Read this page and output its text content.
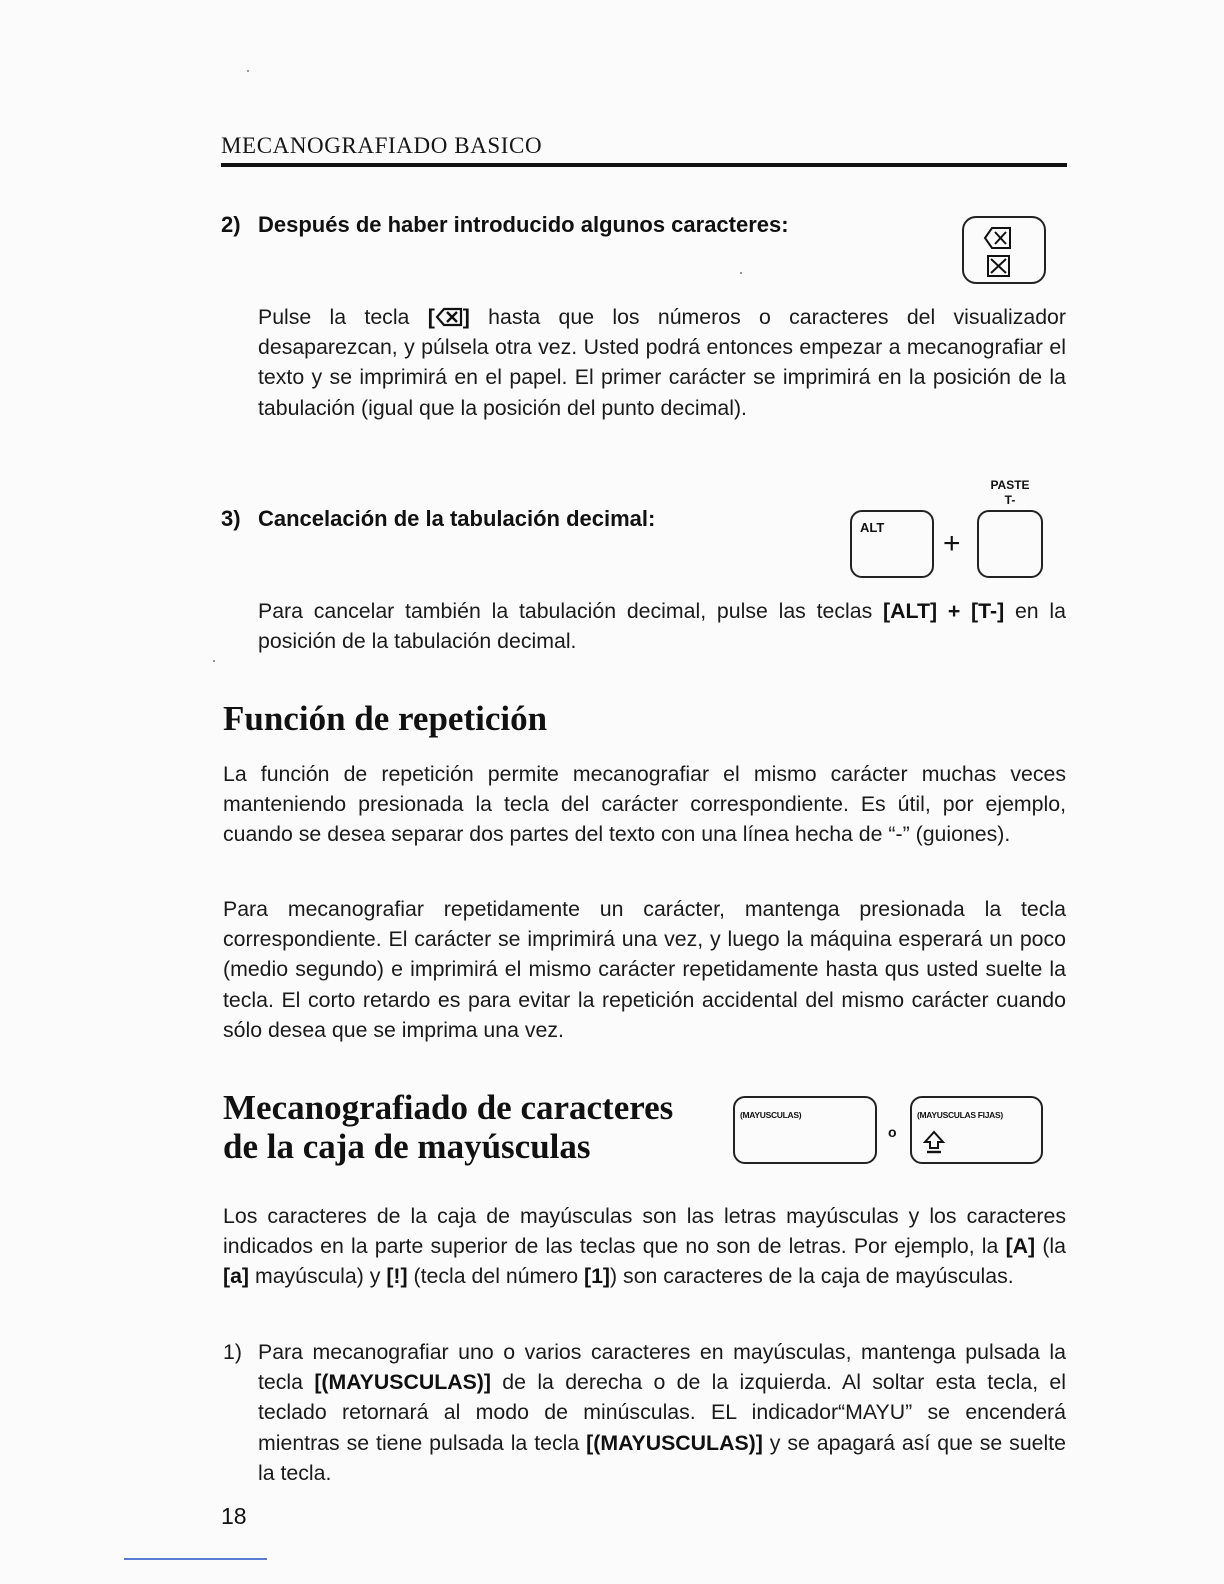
MECANOGRAFIADO BASICO
2) Después de haber introducido algunos caracteres:
Pulse la tecla [ ] hasta que los números o caracteres del visualizador desaparezcan, y púlsela otra vez. Usted podrá entonces empezar a mecanografiar el texto y se imprimirá en el papel. El primer carácter se imprimirá en la posición de la tabulación (igual que la posición del punto decimal).
PASTE
T-
3) Cancelación de la tabulación decimal:	ALT +
Para cancelar también la tabulación decimal, pulse las teclas [ALT] + [T-] en la posición de la tabulación decimal.
Función de repetición
La función de repetición permite mecanografiar el mismo carácter muchas veces manteniendo presionada la tecla del carácter correspondiente. Es útil, por ejemplo, cuando se desea separar dos partes del texto con una línea hecha de “-” (guiones).
Para mecanografiar repetidamente un carácter, mantenga presionada la tecla correspondiente. El carácter se imprimirá una vez, y luego la máquina esperará un poco (medio segundo) e imprimirá el mismo carácter repetidamente hasta qus usted suelte la tecla. El corto retardo es para evitar la repetición accidental del mismo carácter cuando sólo desea que se imprima una vez.
Mecanografiado de caracteres
de la caja de mayúsculas
(MAYUSCULAS)
o
(MAYUSCULAS FIJAS)
Los caracteres de la caja de mayúsculas son las letras mayúsculas y los caracteres indicados en la parte superior de las teclas que no son de letras. Por ejemplo, la [A] (la [a] mayúscula) y [!] (tecla del número [1]) son caracteres de la caja de mayúsculas.
1) Para mecanografiar uno o varios caracteres en mayúsculas, mantenga pulsada la tecla [(MAYUSCULAS)] de la derecha o de la izquierda. Al soltar esta tecla, el teclado retornará al modo de minúsculas. EL indicador“MAYU” se encenderá mientras se tiene pulsada la tecla [(MAYUSCULAS)] y se apagará así que se suelte la tecla.
18
